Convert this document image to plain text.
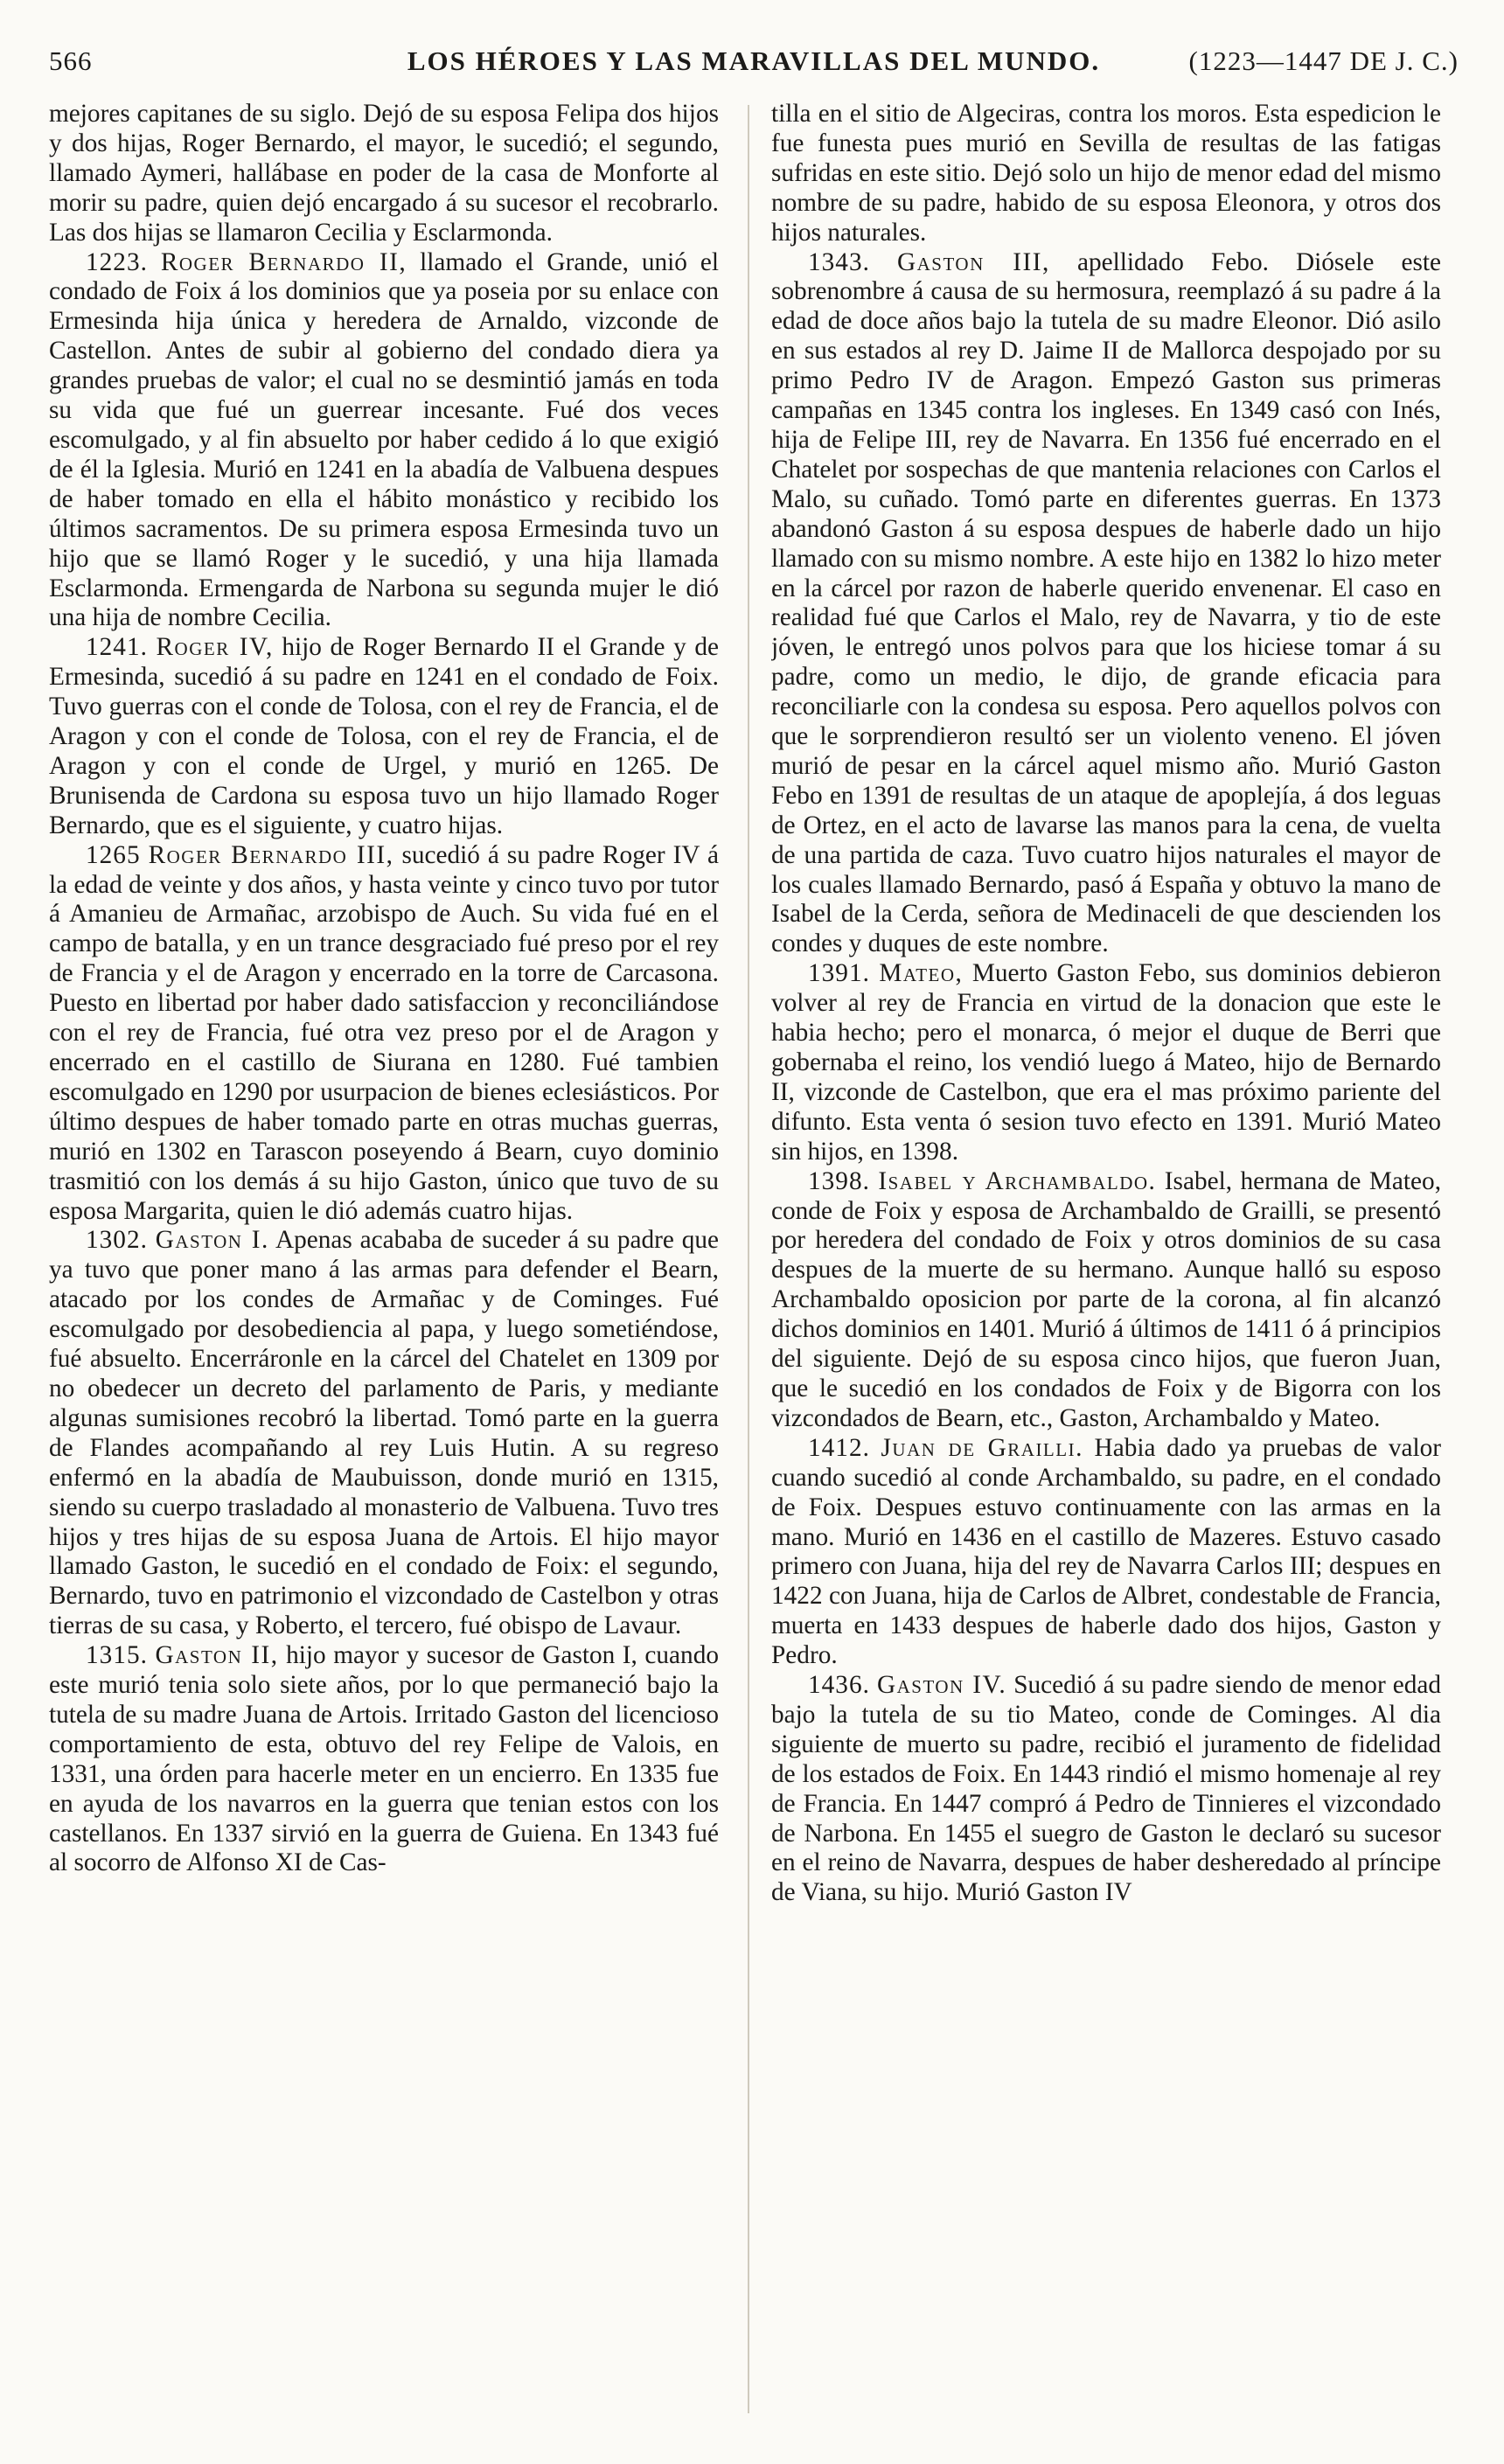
566	LOS HÉROES Y LAS MARAVILLAS DEL MUNDO.	(1223—1447 DE J. C.)

mejores capitanes de su siglo. Dejó de su esposa Felipa dos hijos y dos hijas, Roger Bernardo, el mayor, le sucedió; el segundo, llamado Aymeri, hallábase en poder de la casa de Monforte al morir su padre, quien dejó encargado á su sucesor el recobrarlo. Las dos hijas se llamaron Cecilia y Esclarmonda.

1223. Roger Bernardo II, llamado el Grande, unió el condado de Foix á los dominios que ya poseia por su enlace con Ermesinda hija única y heredera de Arnaldo, vizconde de Castellon. Antes de subir al gobierno del condado diera ya grandes pruebas de valor; el cual no se desmintió jamás en toda su vida que fué un guerrear incesante. Fué dos veces escomulgado, y al fin absuelto por haber cedido á lo que exigió de él la Iglesia. Murió en 1241 en la abadía de Valbuena despues de haber tomado en ella el hábito monástico y recibido los últimos sacramentos. De su primera esposa Ermesinda tuvo un hijo que se llamó Roger y le sucedió, y una hija llamada Esclarmonda. Ermengarda de Narbona su segunda mujer le dió una hija de nombre Cecilia.

1241. Roger IV, hijo de Roger Bernardo II el Grande y de Ermesinda, sucedió á su padre en 1241 en el condado de Foix. Tuvo guerras con el conde de Tolosa, con el rey de Francia, el de Aragon y con el conde de Tolosa, con el rey de Francia, el de Aragon y con el conde de Urgel, y murió en 1265. De Brunisenda de Cardona su esposa tuvo un hijo llamado Roger Bernardo, que es el siguiente, y cuatro hijas.

1265 Roger Bernardo III, sucedió á su padre Roger IV á la edad de veinte y dos años, y hasta veinte y cinco tuvo por tutor á Amanieu de Armañac, arzobispo de Auch. Su vida fué en el campo de batalla, y en un trance desgraciado fué preso por el rey de Francia y el de Aragon y encerrado en la torre de Carcasona. Puesto en libertad por haber dado satisfaccion y reconciliándose con el rey de Francia, fué otra vez preso por el de Aragon y encerrado en el castillo de Siurana en 1280. Fué tambien escomulgado en 1290 por usurpacion de bienes eclesiásticos. Por último despues de haber tomado parte en otras muchas guerras, murió en 1302 en Tarascon poseyendo á Bearn, cuyo dominio trasmitió con los demás á su hijo Gaston, único que tuvo de su esposa Margarita, quien le dió además cuatro hijas.

1302. Gaston I. Apenas acababa de suceder á su padre que ya tuvo que poner mano á las armas para defender el Bearn, atacado por los condes de Armañac y de Cominges. Fué escomulgado por desobediencia al papa, y luego sometiéndose, fué absuelto. Encerráronle en la cárcel del Chatelet en 1309 por no obedecer un decreto del parlamento de Paris, y mediante algunas sumisiones recobró la libertad. Tomó parte en la guerra de Flandes acompañando al rey Luis Hutin. A su regreso enfermó en la abadía de Maubuisson, donde murió en 1315, siendo su cuerpo trasladado al monasterio de Valbuena. Tuvo tres hijos y tres hijas de su esposa Juana de Artois. El hijo mayor llamado Gaston, le sucedió en el condado de Foix: el segundo, Bernardo, tuvo en patrimonio el vizcondado de Castelbon y otras tierras de su casa, y Roberto, el tercero, fué obispo de Lavaur.

1315. Gaston II, hijo mayor y sucesor de Gaston I, cuando este murió tenia solo siete años, por lo que permaneció bajo la tutela de su madre Juana de Artois. Irritado Gaston del licencioso comportamiento de esta, obtuvo del rey Felipe de Valois, en 1331, una órden para hacerle meter en un encierro. En 1335 fue en ayuda de los navarros en la guerra que tenian estos con los castellanos. En 1337 sirvió en la guerra de Guiena. En 1343 fué al socorro de Alfonso XI de Cas-

tilla en el sitio de Algeciras, contra los moros. Esta espedicion le fue funesta pues murió en Sevilla de resultas de las fatigas sufridas en este sitio. Dejó solo un hijo de menor edad del mismo nombre de su padre, habido de su esposa Eleonora, y otros dos hijos naturales.

1343. Gaston III, apellidado Febo. Diósele este sobrenombre á causa de su hermosura, reemplazó á su padre á la edad de doce años bajo la tutela de su madre Eleonor. Dió asilo en sus estados al rey D. Jaime II de Mallorca despojado por su primo Pedro IV de Aragon. Empezó Gaston sus primeras campañas en 1345 contra los ingleses. En 1349 casó con Inés, hija de Felipe III, rey de Navarra. En 1356 fué encerrado en el Chatelet por sospechas de que mantenia relaciones con Carlos el Malo, su cuñado. Tomó parte en diferentes guerras. En 1373 abandonó Gaston á su esposa despues de haberle dado un hijo llamado con su mismo nombre. A este hijo en 1382 lo hizo meter en la cárcel por razon de haberle querido envenenar. El caso en realidad fué que Carlos el Malo, rey de Navarra, y tio de este jóven, le entregó unos polvos para que los hiciese tomar á su padre, como un medio, le dijo, de grande eficacia para reconciliarle con la condesa su esposa. Pero aquellos polvos con que le sorprendieron resultó ser un violento veneno. El jóven murió de pesar en la cárcel aquel mismo año. Murió Gaston Febo en 1391 de resultas de un ataque de apoplejía, á dos leguas de Ortez, en el acto de lavarse las manos para la cena, de vuelta de una partida de caza. Tuvo cuatro hijos naturales el mayor de los cuales llamado Bernardo, pasó á España y obtuvo la mano de Isabel de la Cerda, señora de Medinaceli de que descienden los condes y duques de este nombre.

1391. Mateo, Muerto Gaston Febo, sus dominios debieron volver al rey de Francia en virtud de la donacion que este le habia hecho; pero el monarca, ó mejor el duque de Berri que gobernaba el reino, los vendió luego á Mateo, hijo de Bernardo II, vizconde de Castelbon, que era el mas próximo pariente del difunto. Esta venta ó sesion tuvo efecto en 1391. Murió Mateo sin hijos, en 1398.

1398. Isabel y Archambaldo. Isabel, hermana de Mateo, conde de Foix y esposa de Archambaldo de Grailli, se presentó por heredera del condado de Foix y otros dominios de su casa despues de la muerte de su hermano. Aunque halló su esposo Archambaldo oposicion por parte de la corona, al fin alcanzó dichos dominios en 1401. Murió á últimos de 1411 ó á principios del siguiente. Dejó de su esposa cinco hijos, que fueron Juan, que le sucedió en los condados de Foix y de Bigorra con los vizcondados de Bearn, etc., Gaston, Archambaldo y Mateo.

1412. Juan de Grailli. Habia dado ya pruebas de valor cuando sucedió al conde Archambaldo, su padre, en el condado de Foix. Despues estuvo continuamente con las armas en la mano. Murió en 1436 en el castillo de Mazeres. Estuvo casado primero con Juana, hija del rey de Navarra Carlos III; despues en 1422 con Juana, hija de Carlos de Albret, condestable de Francia, muerta en 1433 despues de haberle dado dos hijos, Gaston y Pedro.

1436. Gaston IV. Sucedió á su padre siendo de menor edad bajo la tutela de su tio Mateo, conde de Cominges. Al dia siguiente de muerto su padre, recibió el juramento de fidelidad de los estados de Foix. En 1443 rindió el mismo homenaje al rey de Francia. En 1447 compró á Pedro de Tinnieres el vizcondado de Narbona. En 1455 el suegro de Gaston le declaró su sucesor en el reino de Navarra, despues de haber desheredado al príncipe de Viana, su hijo. Murió Gaston IV
